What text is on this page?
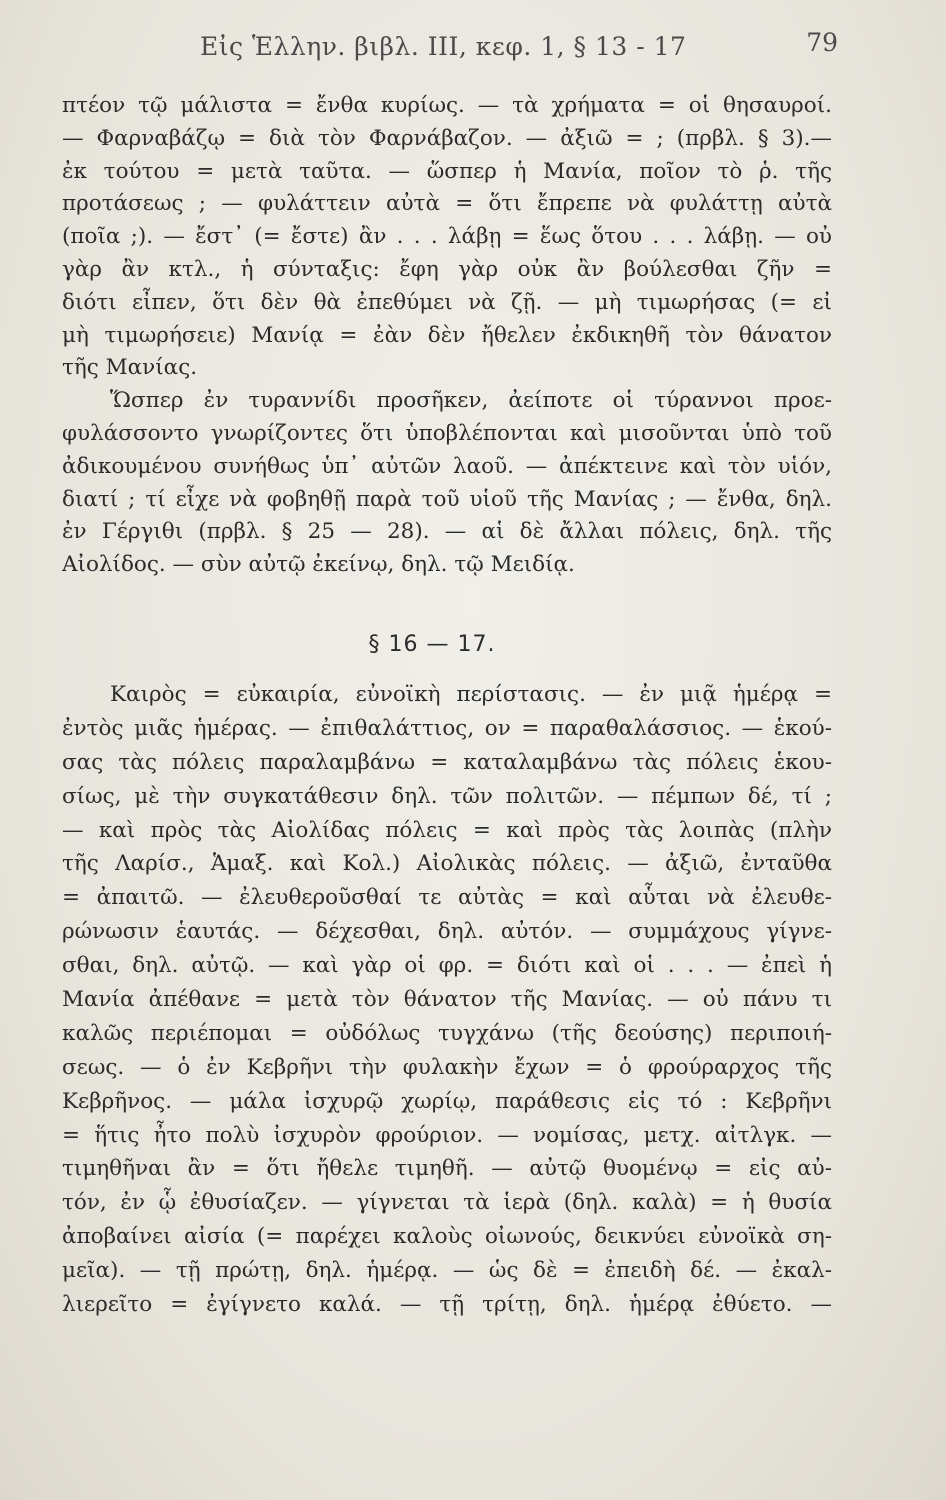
Εἰς Ἑλλην. βιβλ. ΙΙΙ, κεφ. 1, § 13 - 17	79
πτέον τῷ μάλιστα = ἔνθα κυρίως. — τὰ χρήματα = οἱ θησαυροί.
— Φαρναβάζῳ = διὰ τὸν Φαρνάβαζον. — ἀξιῶ = ; (πρβλ. § 3).—
ἐκ τούτου = μετὰ ταῦτα. — ὥσπερ ἡ Μανία, ποῖον τὸ ῥ. τῆς
προτάσεως ; — φυλάττειν αὐτὰ = ὅτι ἔπρεπε νὰ φυλάττῃ αὐτὰ
(ποῖα ;). — ἔστ᾽ (= ἔστε) ἂν . . . λάβῃ = ἕως ὅτου . . . λάβῃ. — οὐ
γὰρ ἂν κτλ., ἡ σύνταξις: ἔφη γὰρ οὐκ ἂν βούλεσθαι ζῆν =
διότι εἶπεν, ὅτι δὲν θὰ ἐπεθύμει νὰ ζῇ. — μὴ τιμωρήσας (= εἰ
μὴ τιμωρήσειε) Μανίᾳ = ἐὰν δὲν ἤθελεν ἐκδικηθῆ τὸν θάνατον
τῆς Μανίας.
Ὥσπερ ἐν τυραννίδι προσῆκεν, ἀείποτε οἱ τύραννοι προε-
φυλάσσοντο γνωρίζοντες ὅτι ὑποβλέπονται καὶ μισοῦνται ὑπὸ τοῦ
ἀδικουμένου συνήθως ὑπ᾽ αὐτῶν λαοῦ. — ἀπέκτεινε καὶ τὸν υἱόν,
διατί ; τί εἶχε νὰ φοβηθῇ παρὰ τοῦ υἱοῦ τῆς Μανίας ; — ἔνθα, δηλ.
ἐν Γέργιθι (πρβλ. § 25 — 28). — αἱ δὲ ἄλλαι πόλεις, δηλ. τῆς
Αἰολίδος. — σὺν αὐτῷ ἐκείνῳ, δηλ. τῷ Μειδίᾳ.
§ 16 — 17.
Καιρὸς = εὐκαιρία, εὐνοϊκὴ περίστασις. — ἐν μιᾷ ἡμέρᾳ =
ἐντὸς μιᾶς ἡμέρας. — ἐπιθαλάττιος, ον = παραθαλάσσιος. — ἑκού-
σας τὰς πόλεις παραλαμβάνω = καταλαμβάνω τὰς πόλεις ἑκου-
σίως, μὲ τὴν συγκατάθεσιν δηλ. τῶν πολιτῶν. — πέμπων δέ, τί ;
— καὶ πρὸς τὰς Αἰολίδας πόλεις = καὶ πρὸς τὰς λοιπὰς (πλὴν
τῆς Λαρίσ., Ἁμαξ. καὶ Κολ.) Αἰολικὰς πόλεις. — ἀξιῶ, ἐνταῦθα
= ἀπαιτῶ. — ἐλευθεροῦσθαί τε αὐτὰς = καὶ αὗται νὰ ἐλευθε-
ρώνωσιν ἑαυτάς. — δέχεσθαι, δηλ. αὐτόν. — συμμάχους γίγνε-
σθαι, δηλ. αὐτῷ. — καὶ γὰρ οἱ φρ. = διότι καὶ οἱ . . . — ἐπεὶ ἡ
Μανία ἀπέθανε = μετὰ τὸν θάνατον τῆς Μανίας. — οὐ πάνυ τι
καλῶς περιέπομαι = οὐδόλως τυγχάνω (τῆς δεούσης) περιποιή-
σεως. — ὁ ἐν Κεβρῆνι τὴν φυλακὴν ἔχων = ὁ φρούραρχος τῆς
Κεβρῆνος. — μάλα ἰσχυρῷ χωρίῳ, παράθεσις εἰς τό : Κεβρῆνι
= ἥτις ἦτο πολὺ ἰσχυρὸν φρούριον. — νομίσας, μετχ. αἰτλγκ. —
τιμηθῆναι ἂν = ὅτι ἤθελε τιμηθῆ. — αὐτῷ θυομένῳ = εἰς αὐ-
τόν, ἐν ᾧ ἐθυσίαζεν. — γίγνεται τὰ ἱερὰ (δηλ. καλὰ) = ἡ θυσία
ἀποβαίνει αἰσία (= παρέχει καλοὺς οἰωνούς, δεικνύει εὐνοϊκὰ ση-
μεῖα). — τῇ πρώτῃ, δηλ. ἡμέρᾳ. — ὡς δὲ = ἐπειδὴ δέ. — ἐκαλ-
λιερεῖτο = ἐγίγνετο καλά. — τῇ τρίτῃ, δηλ. ἡμέρᾳ ἐθύετο. —
